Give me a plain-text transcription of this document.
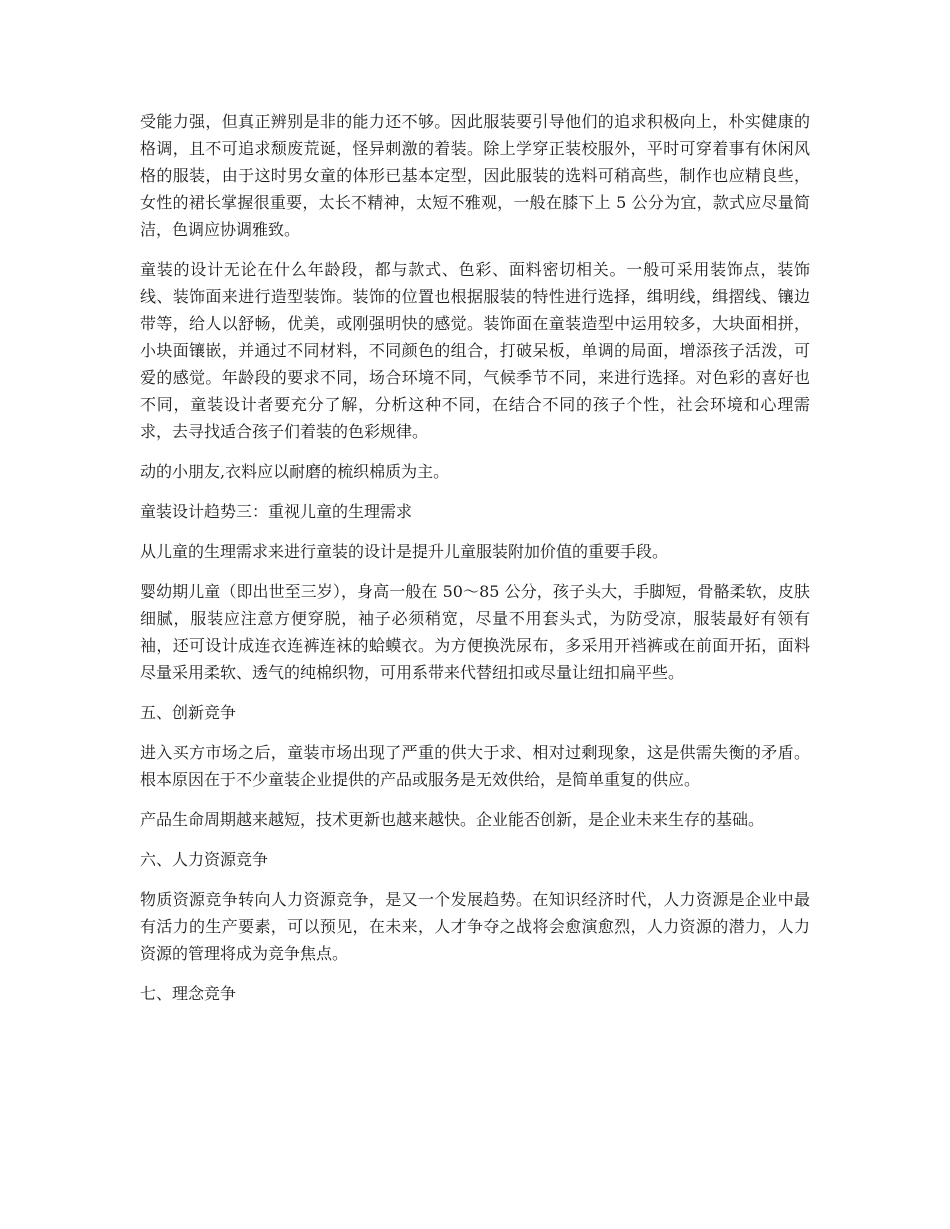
受能力强，但真正辨别是非的能力还不够。因此服装要引导他们的追求积极向上，朴实健康的格调，且不可追求颓废荒诞，怪异刺激的着装。除上学穿正装校服外，平时可穿着事有休闲风格的服装，由于这时男女童的体形已基本定型，因此服装的选料可稍高些，制作也应精良些，女性的裙长掌握很重要，太长不精神，太短不雅观，一般在膝下上 5 公分为宜，款式应尽量简洁，色调应协调雅致。

童装的设计无论在什么年龄段，都与款式、色彩、面料密切相关。一般可采用装饰点，装饰线、装饰面来进行造型装饰。装饰的位置也根据服装的特性进行选择，缉明线，缉摺线、镶边带等，给人以舒畅，优美，或刚强明快的感觉。装饰面在童装造型中运用较多，大块面相拼，小块面镶嵌，并通过不同材料，不同颜色的组合，打破呆板，单调的局面，增添孩子活泼，可爱的感觉。年龄段的要求不同，场合环境不同，气候季节不同，来进行选择。对色彩的喜好也不同，童装设计者要充分了解，分析这种不同，在结合不同的孩子个性，社会环境和心理需求，去寻找适合孩子们着装的色彩规律。

动的小朋友,衣料应以耐磨的梳织棉质为主。

童装设计趋势三：重视儿童的生理需求

从儿童的生理需求来进行童装的设计是提升儿童服装附加价值的重要手段。

婴幼期儿童（即出世至三岁），身高一般在 50～85 公分，孩子头大，手脚短，骨骼柔软，皮肤细腻，服装应注意方便穿脱，袖子必须稍宽，尽量不用套头式，为防受凉，服装最好有领有袖，还可设计成连衣连裤连袜的蛤蟆衣。为方便换洗尿布，多采用开裆裤或在前面开拓，面料尽量采用柔软、透气的纯棉织物，可用系带来代替纽扣或尽量让纽扣扁平些。

五、创新竞争

进入买方市场之后，童装市场出现了严重的供大于求、相对过剩现象，这是供需失衡的矛盾。根本原因在于不少童装企业提供的产品或服务是无效供给，是简单重复的供应。

产品生命周期越来越短，技术更新也越来越快。企业能否创新，是企业未来生存的基础。

六、人力资源竞争

物质资源竞争转向人力资源竞争，是又一个发展趋势。在知识经济时代，人力资源是企业中最有活力的生产要素，可以预见，在未来，人才争夺之战将会愈演愈烈，人力资源的潜力，人力资源的管理将成为竞争焦点。

七、理念竞争
